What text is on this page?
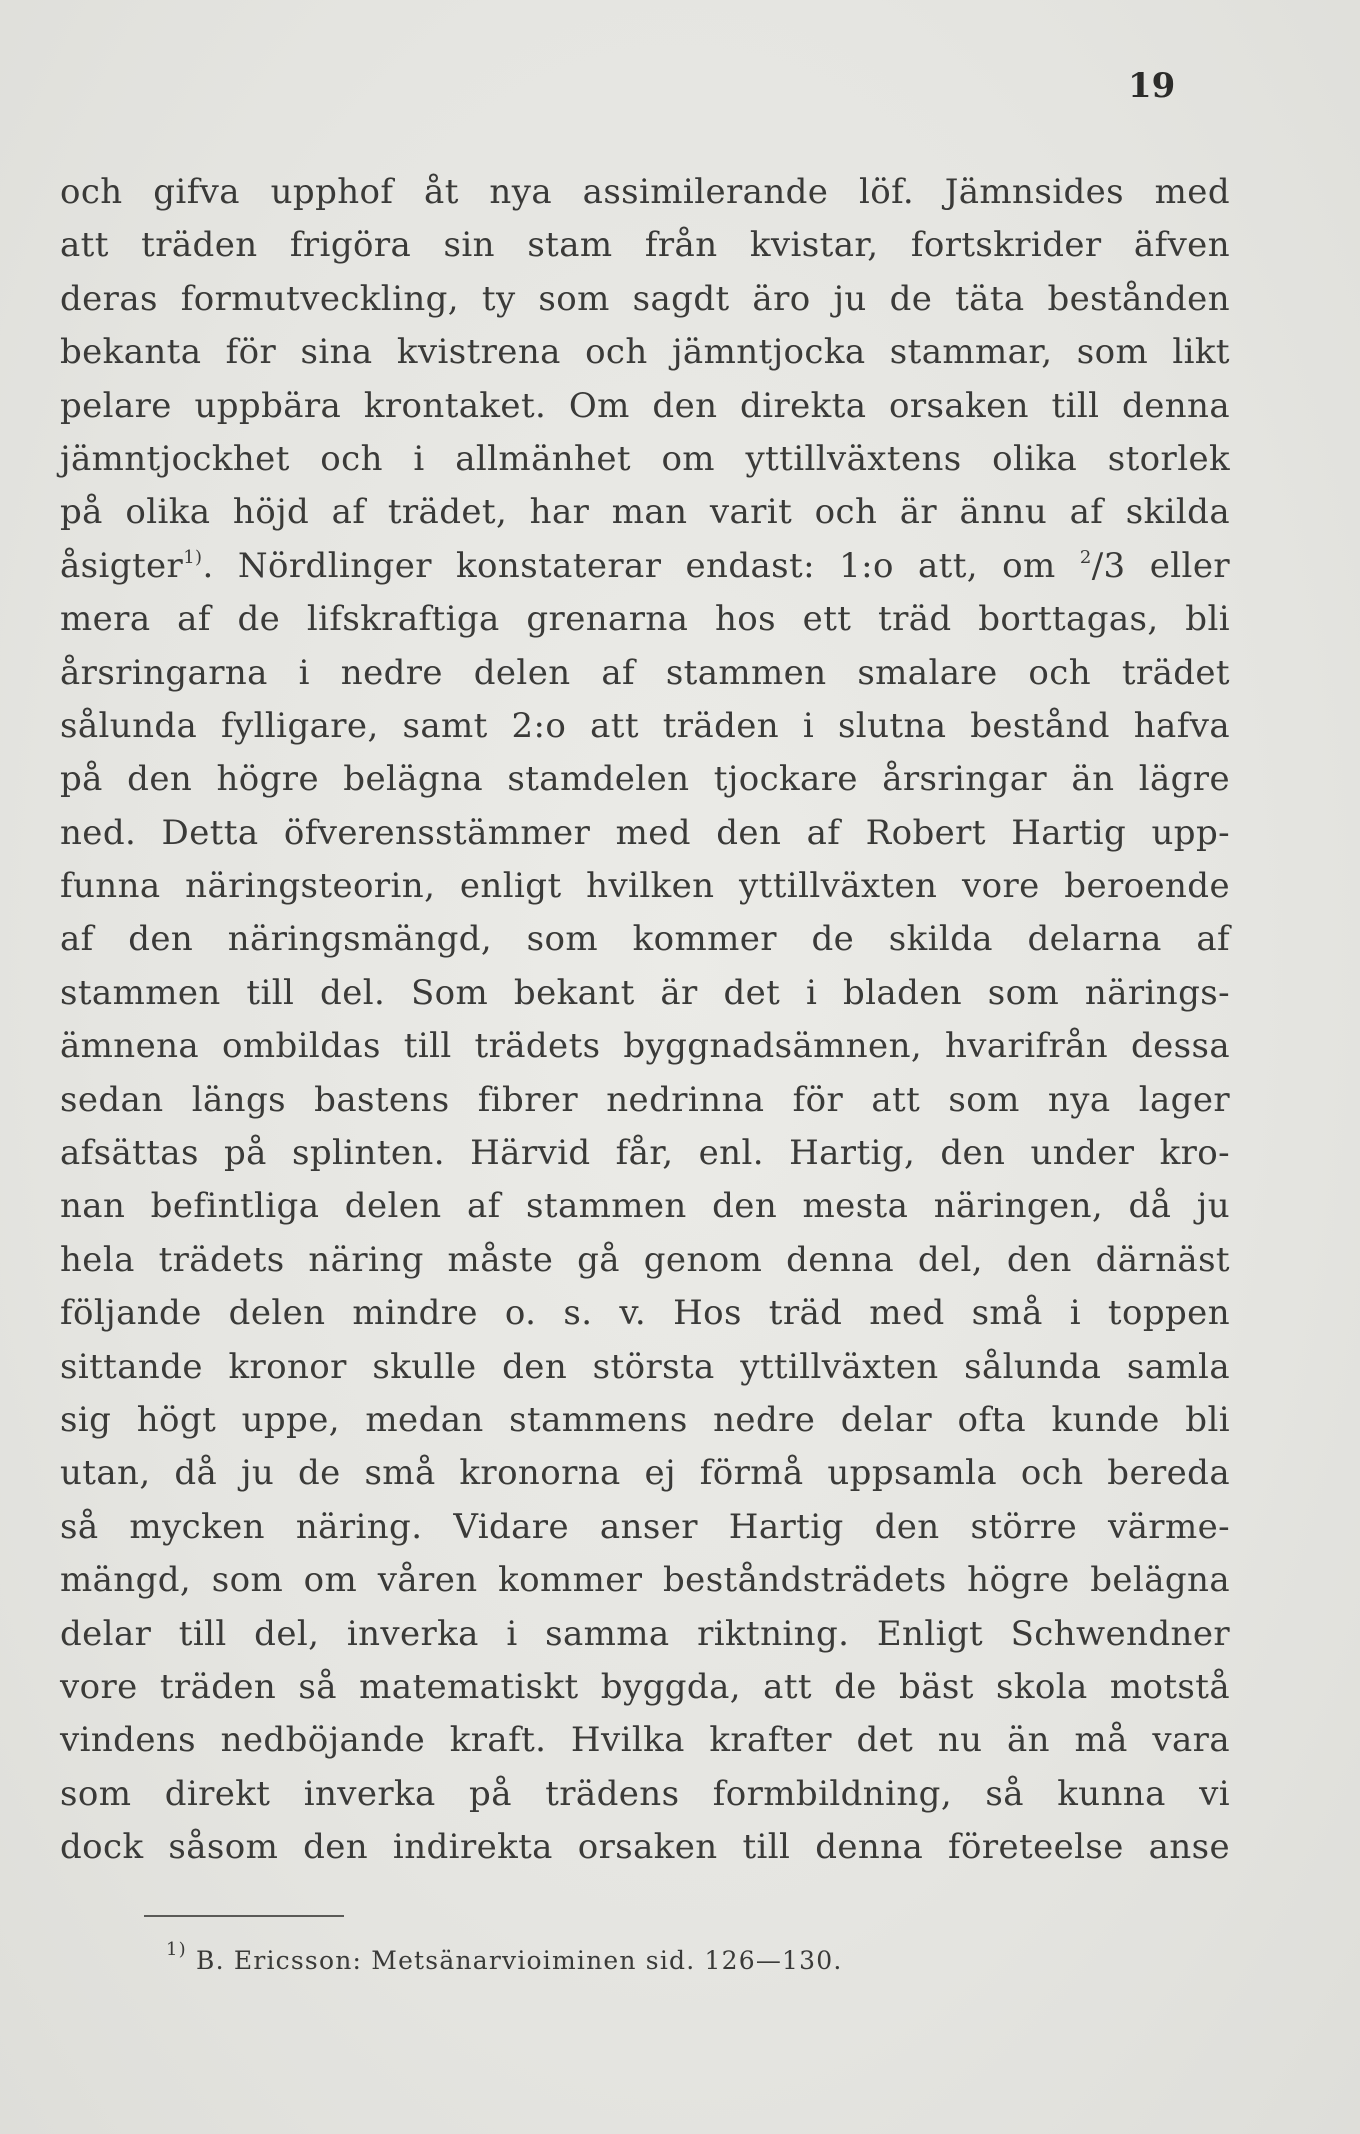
19
och gifva upphof åt nya assimilerande löf. Jämnsides med
att träden frigöra sin stam från kvistar, fortskrider äfven
deras formutveckling, ty som sagdt äro ju de täta bestånden
bekanta för sina kvistrena och jämntjocka stammar, som likt
pelare uppbära krontaket. Om den direkta orsaken till denna
jämntjockhet och i allmänhet om yttillväxtens olika storlek
på olika höjd af trädet, har man varit och är ännu af skilda
åsigter$^{1)}$. Nördlinger konstaterar endast: 1:o att, om $^2$/3 eller
mera af de lifskraftiga grenarna hos ett träd borttagas, bli
årsringarna i nedre delen af stammen smalare och trädet
sålunda fylligare, samt 2:o att träden i slutna bestånd hafva
på den högre belägna stamdelen tjockare årsringar än lägre
ned. Detta öfverensstämmer med den af Robert Hartig upp-
funna näringsteorin, enligt hvilken yttillväxten vore beroende
af den näringsmängd, som kommer de skilda delarna af
stammen till del. Som bekant är det i bladen som närings-
ämnena ombildas till trädets byggnadsämnen, hvarifrån dessa
sedan längs bastens fibrer nedrinna för att som nya lager
afsättas på splinten. Härvid får, enl. Hartig, den under kro-
nan befintliga delen af stammen den mesta näringen, då ju
hela trädets näring måste gå genom denna del, den därnäst
följande delen mindre o. s. v. Hos träd med små i toppen
sittande kronor skulle den största yttillväxten sålunda samla
sig högt uppe, medan stammens nedre delar ofta kunde bli
utan, då ju de små kronorna ej förmå uppsamla och bereda
så mycken näring. Vidare anser Hartig den större värme-
mängd, som om våren kommer beståndsträdets högre belägna
delar till del, inverka i samma riktning. Enligt Schwendner
vore träden så matematiskt byggda, att de bäst skola motstå
vindens nedböjande kraft. Hvilka krafter det nu än må vara
som direkt inverka på trädens formbildning, så kunna vi
dock såsom den indirekta orsaken till denna företeelse anse
$^{1)}$ B. Ericsson: Metsänarvioiminen sid. 126—130.
